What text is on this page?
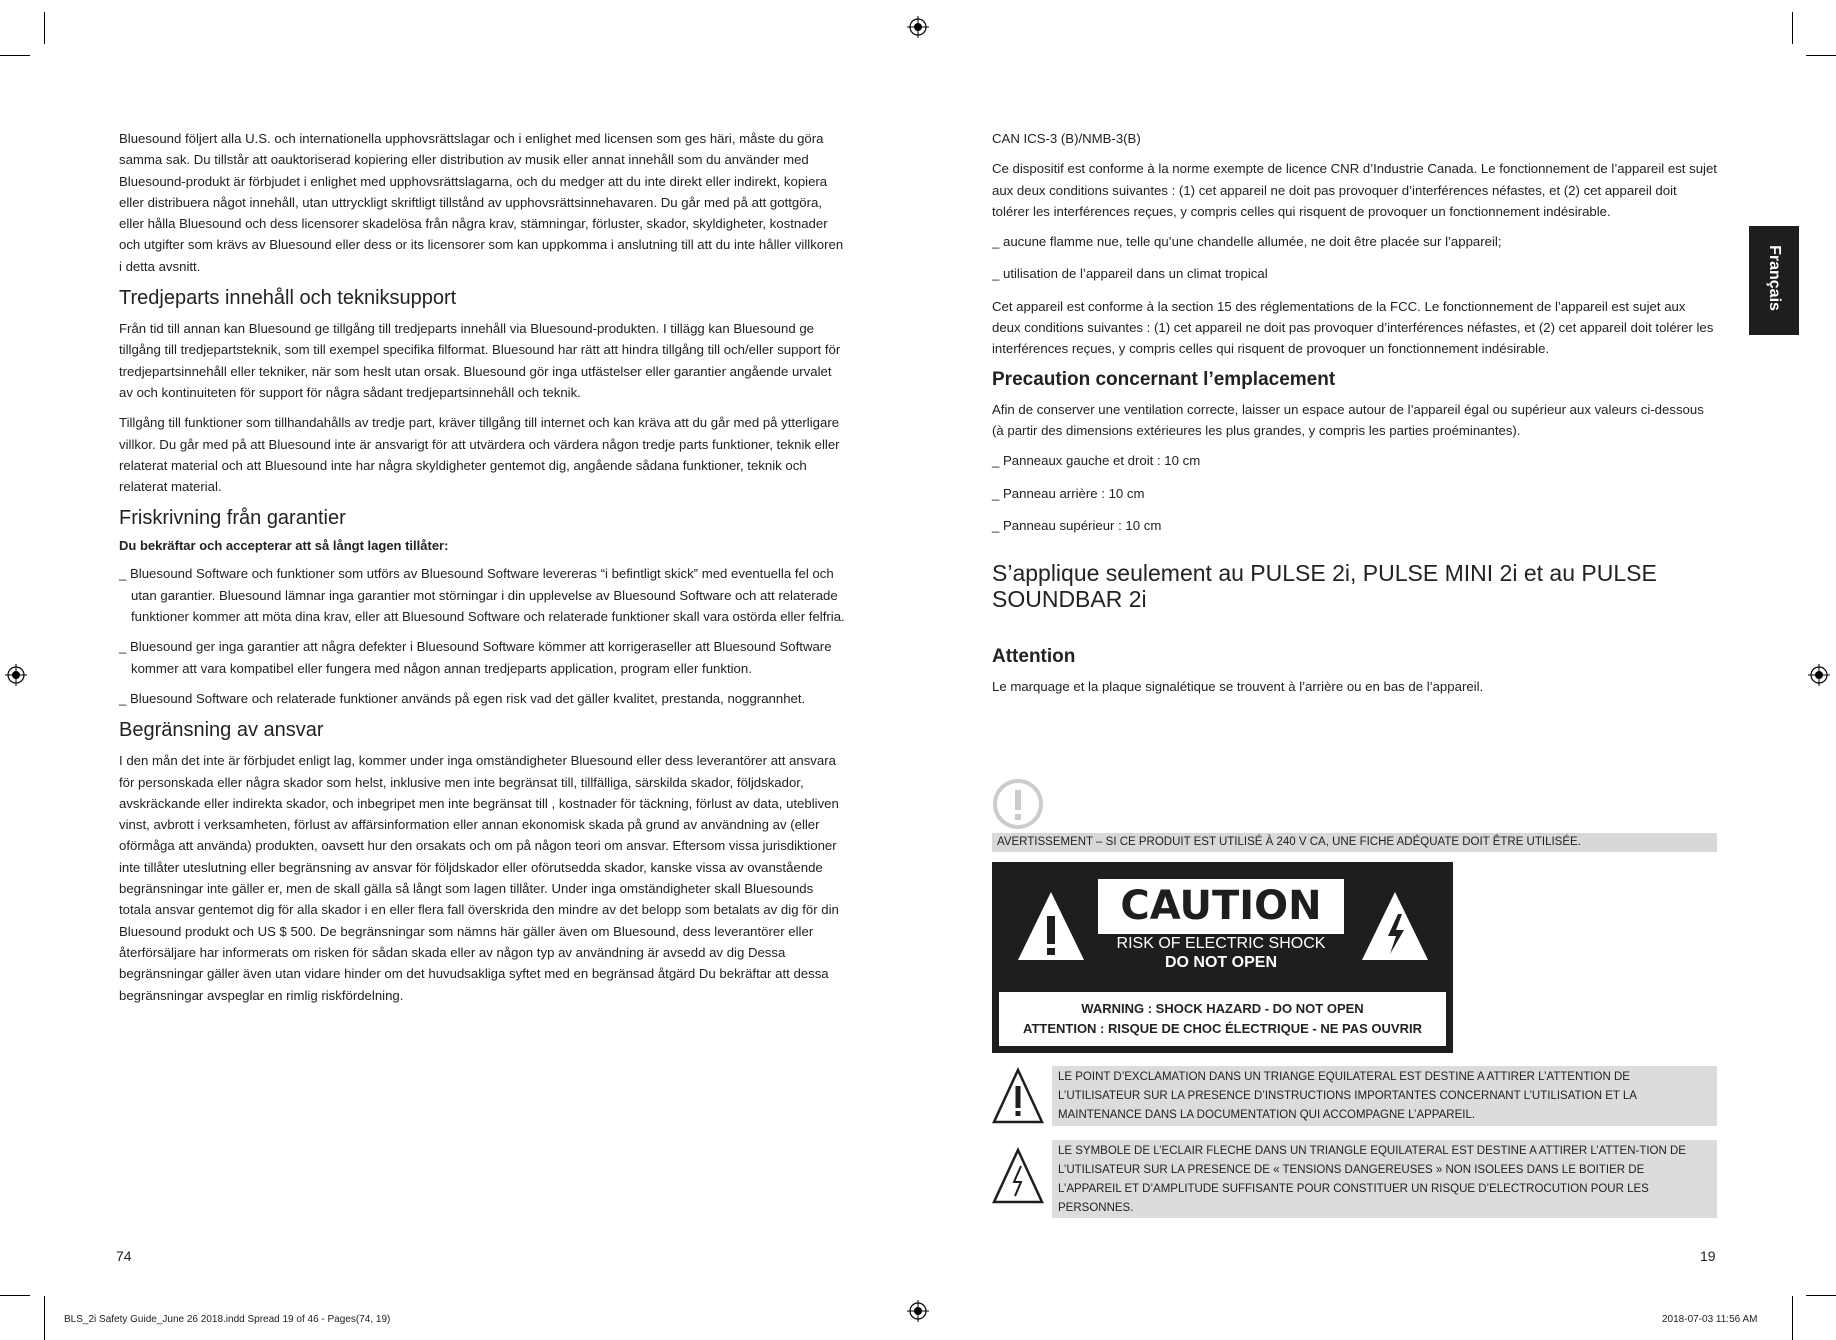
Bluesound följert alla U.S. och internationella upphovsrättslagar och i enlighet med licensen som ges häri, måste du göra samma sak. Du tillstår att oauktoriserad kopiering eller distribution av musik eller annat innehåll som du använder med Bluesound-produkt är förbjudet i enlighet med upphovsrättslagarna, och du medger att du inte direkt eller indirekt, kopiera eller distribuera något innehåll, utan uttryckligt skriftligt tillstånd av upphovsrättsinnehavaren. Du går med på att gottgöra, eller hålla Bluesound och dess licensorer skadelösa från några krav, stämningar, förluster, skador, skyldigheter, kostnader och utgifter som krävs av Bluesound eller dess or its licensorer som kan uppkomma i anslutning till att du inte håller villkoren i detta avsnitt.

Tredjeparts innehåll och tekniksupport

Från tid till annan kan Bluesound ge tillgång till tredjeparts innehåll via Bluesound-produkten. I tillägg kan Bluesound ge tillgång till tredjepartsteknik, som till exempel specifika filformat. Bluesound har rätt att hindra tillgång till och/eller support för tredjepartsinnehåll eller tekniker, när som heslt utan orsak. Bluesound gör inga utfästelser eller garantier angående urvalet av och kontinuiteten för support för några sådant tredjepartsinnehåll och teknik.

Tillgång till funktioner som tillhandahålls av tredje part, kräver tillgång till internet och kan kräva att du går med på ytterligare villkor. Du går med på att Bluesound inte är ansvarigt för att utvärdera och värdera någon tredje parts funktioner, teknik eller relaterat material och att Bluesound inte har några skyldigheter gentemot dig, angående sådana funktioner, teknik och relaterat material.

Friskrivning från garantier

Du bekräftar och accepterar att så långt lagen tillåter:

_ Bluesound Software och funktioner som utförs av Bluesound Software levereras “i befintligt skick” med eventuella fel och utan garantier. Bluesound lämnar inga garantier mot störningar i din upplevelse av Bluesound Software och att relaterade funktioner kommer att möta dina krav, eller att Bluesound Software och relaterade funktioner skall vara ostörda eller felfria.

_ Bluesound ger inga garantier att några defekter i Bluesound Software kömmer att korrigeraseller att Bluesound Software kommer att vara kompatibel eller fungera med någon annan tredjeparts application, program eller funktion.

_ Bluesound Software och relaterade funktioner används på egen risk vad det gäller kvalitet, prestanda, noggrannhet.

Begränsning av ansvar

I den mån det inte är förbjudet enligt lag, kommer under inga omständigheter Bluesound eller dess leverantörer att ansvara för personskada eller några skador som helst, inklusive men inte begränsat till, tillfälliga, särskilda skador, följdskador, avskräckande eller indirekta skador, och inbegripet men inte begränsat till , kostnader för täckning, förlust av data, utebliven vinst, avbrott i verksamheten, förlust av affärsinformation eller annan ekonomisk skada på grund av användning av (eller oförmåga att använda) produkten, oavsett hur den orsakats och om på någon teori om ansvar. Eftersom vissa jurisdiktioner inte tillåter uteslutning eller begränsning av ansvar för följdskador eller oförutsedda skador, kanske vissa av ovanstående begränsningar inte gäller er, men de skall gälla så långt som lagen tillåter. Under inga omständigheter skall Bluesounds totala ansvar gentemot dig för alla skador i en eller flera fall överskrida den mindre av det belopp som betalats av dig för din Bluesound produkt och US $ 500. De begränsningar som nämns här gäller även om Bluesound, dess leverantörer eller återförsäljare har informerats om risken för sådan skada eller av någon typ av användning är avsedd av dig Dessa begränsningar gäller även utan vidare hinder om det huvudsakliga syftet med en begränsad åtgärd Du bekräftar att dessa begränsningar avspeglar en rimlig riskfördelning.

74

CAN ICS-3 (B)/NMB-3(B)

Ce dispositif est conforme à la norme exempte de licence CNR d’Industrie Canada. Le fonctionnement de l’appareil est sujet aux deux conditions suivantes : (1) cet appareil ne doit pas provoquer d’interférences néfastes, et (2) cet appareil doit tolérer les interférences reçues, y compris celles qui risquent de provoquer un fonctionnement indésirable.

_ aucune flamme nue, telle qu’une chandelle allumée, ne doit être placée sur l’appareil;

_ utilisation de l’appareil dans un climat tropical

Cet appareil est conforme à la section 15 des réglementations de la FCC. Le fonctionnement de l’appareil est sujet aux deux conditions suivantes : (1) cet appareil ne doit pas provoquer d’interférences néfastes, et (2) cet appareil doit tolérer les interférences reçues, y compris celles qui risquent de provoquer un fonctionnement indésirable.

Precaution concernant l’emplacement

Afin de conserver une ventilation correcte, laisser un espace autour de l’appareil égal ou supérieur aux valeurs ci-dessous (à partir des dimensions extérieures les plus grandes, y compris les parties proéminantes).

_ Panneaux gauche et droit : 10 cm

_ Panneau arrière : 10 cm

_ Panneau supérieur : 10 cm

S’applique seulement au PULSE 2i, PULSE MINI 2i et au PULSE SOUNDBAR 2i
Attention

Le marquage et la plaque signalétique se trouvent à l’arrière ou en bas de l’appareil.

AVERTISSEMENT – SI CE PRODUIT EST UTILISÉ À 240 V CA, UNE FICHE ADÉQUATE DOIT ÊTRE UTILISÉE.
CAUTION
RISK OF ELECTRIC SHOCK
DO NOT OPEN
WARNING : SHOCK HAZARD - DO NOT OPEN
ATTENTION : RISQUE DE CHOC ÉLECTRIQUE - NE PAS OUVRIR
LE POINT D’EXCLAMATION DANS UN TRIANGE EQUILATERAL EST DESTINE A ATTIRER L’ATTENTION DE L’UTILISATEUR SUR LA PRESENCE D’INSTRUCTIONS IMPORTANTES CONCERNANT L’UTILISATION ET LA MAINTENANCE DANS LA DOCUMENTATION QUI ACCOMPAGNE L’APPAREIL.
LE SYMBOLE DE L’ECLAIR FLECHE DANS UN TRIANGLE EQUILATERAL EST DESTINE A ATTIRER L’ATTEN-TION DE L’UTILISATEUR SUR LA PRESENCE DE « TENSIONS DANGEREUSES » NON ISOLEES DANS LE BOITIER DE L’APPAREIL ET D’AMPLITUDE SUFFISANTE POUR CONSTITUER UN RISQUE D’ELECTROCUTION POUR LES PERSONNES.
19
Français
BLS_2i Safety Guide_June 26 2018.indd Spread 19 of 46 - Pages(74, 19)	2018-07-03 11:56 AM
